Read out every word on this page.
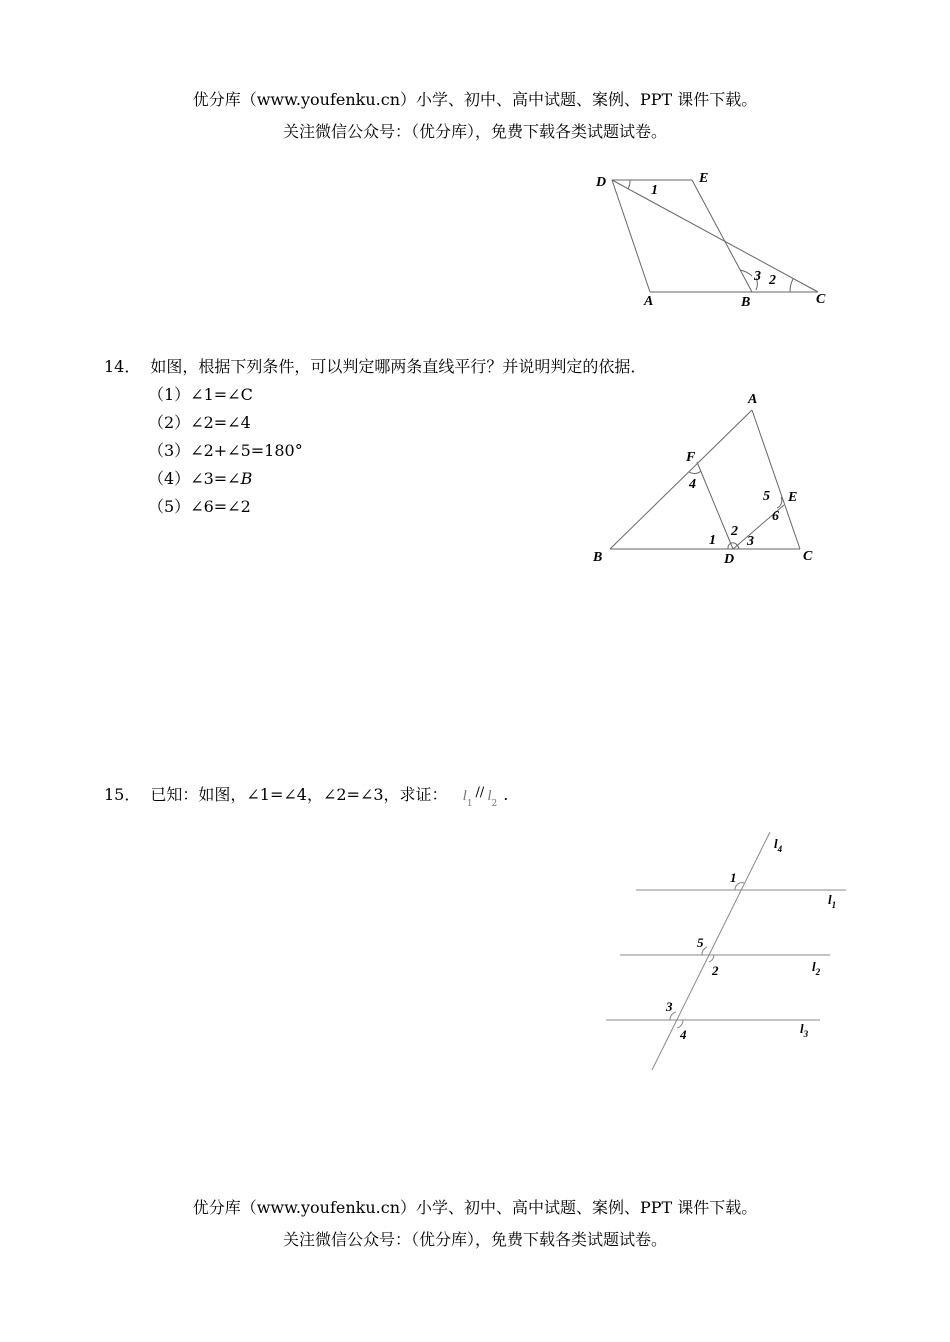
优分库（www.youfenku.cn）小学、初中、高中试题、案例、PPT 课件下载。
关注微信公众号：（优分库），免费下载各类试题试卷。
D	E
A	B	C
1
2
3
14． 如图，根据下列条件，可以判定哪两条直线平行？并说明判定的依据．
（1）∠1=∠C
（2）∠2=∠4
（3）∠2+∠5=180°
（4）∠3=∠B
（5）∠6=∠2
A
B	C
D
E
F
1
2
3
4
5
6
15． 已知：如图，∠1=∠4，∠2=∠3，求证： $l_1^{//}$ $l_2$ .
$l_4$
$l_1$
$l_2$
$l_3$
1
5
2
3
4
优分库（www.youfenku.cn）小学、初中、高中试题、案例、PPT 课件下载。
关注微信公众号：（优分库），免费下载各类试题试卷。
